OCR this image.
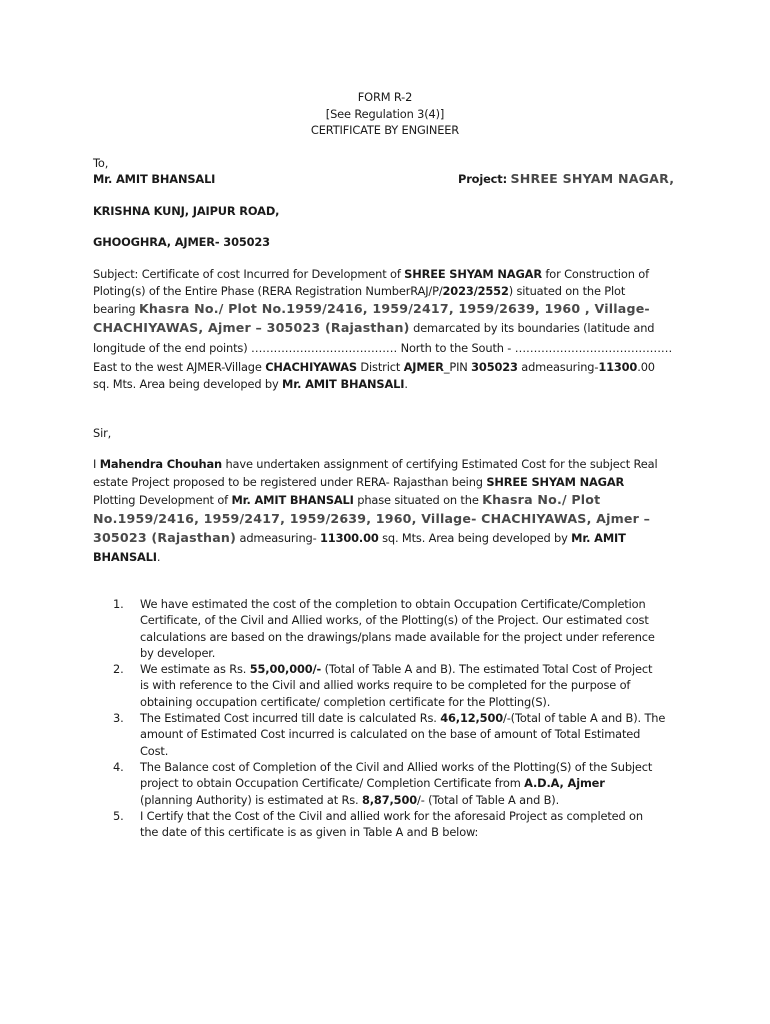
FORM R-2
[See Regulation 3(4)]
CERTIFICATE BY ENGINEER
To,
Mr. AMIT BHANSALI	Project: SHREE SHYAM NAGAR,
KRISHNA KUNJ, JAIPUR ROAD,
GHOOGHRA, AJMER- 305023
Subject: Certificate of cost Incurred for Development of SHREE SHYAM NAGAR for Construction of
Ploting(s) of the Entire Phase (RERA Registration NumberRAJ/P/2023/2552) situated on the Plot
bearing Khasra No./ Plot No.1959/2416, 1959/2417, 1959/2639, 1960 , Village-
CHACHIYAWAS, Ajmer – 305023 (Rajasthan) demarcated by its boundaries (latitude and
longitude of the end points) ………………………………… North to the South - ……………………………………
East to the west AJMER-Village CHACHIYAWAS District AJMER_PIN 305023 admeasuring-11300.00
sq. Mts. Area being developed by Mr. AMIT BHANSALI.
Sir,
I Mahendra Chouhan have undertaken assignment of certifying Estimated Cost for the subject Real
estate Project proposed to be registered under RERA- Rajasthan being SHREE SHYAM NAGAR
Plotting Development of Mr. AMIT BHANSALI phase situated on the Khasra No./ Plot
No.1959/2416, 1959/2417, 1959/2639, 1960, Village- CHACHIYAWAS, Ajmer –
305023 (Rajasthan) admeasuring- 11300.00 sq. Mts. Area being developed by Mr. AMIT
BHANSALI.
1.	We have estimated the cost of the completion to obtain Occupation Certificate/Completion
Certificate, of the Civil and Allied works, of the Plotting(s) of the Project. Our estimated cost
calculations are based on the drawings/plans made available for the project under reference
by developer.
2.	We estimate as Rs. 55,00,000/- (Total of Table A and B). The estimated Total Cost of Project
is with reference to the Civil and allied works require to be completed for the purpose of
obtaining occupation certificate/ completion certificate for the Plotting(S).
3.	The Estimated Cost incurred till date is calculated Rs. 46,12,500/-(Total of table A and B). The
amount of Estimated Cost incurred is calculated on the base of amount of Total Estimated
Cost.
4.	The Balance cost of Completion of the Civil and Allied works of the Plotting(S) of the Subject
project to obtain Occupation Certificate/ Completion Certificate from A.D.A, Ajmer
(planning Authority) is estimated at Rs. 8,87,500/- (Total of Table A and B).
5.	I Certify that the Cost of the Civil and allied work for the aforesaid Project as completed on
the date of this certificate is as given in Table A and B below:
